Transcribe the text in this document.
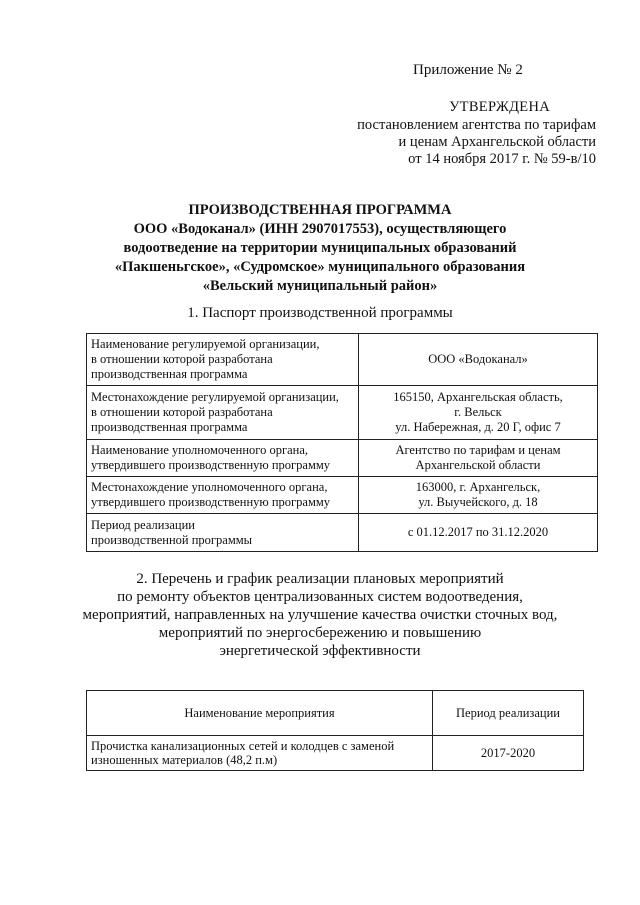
Приложение № 2
УТВЕРЖДЕНА
постановлением агентства по тарифам
и ценам Архангельской области
от 14 ноября 2017 г. № 59-в/10
ПРОИЗВОДСТВЕННАЯ ПРОГРАММА
ООО «Водоканал» (ИНН 2907017553), осуществляющего
водоотведение на территории муниципальных образований
«Пакшеньгское», «Судромское» муниципального образования
«Вельский муниципальный район»
1. Паспорт производственной программы
Наименование регулируемой организации,
в отношении которой разработана
производственная программа	ООО «Водоканал»

Местонахождение регулируемой организации,
в отношении которой разработана
производственная программа	165150, Архангельская область,
г. Вельск
ул. Набережная, д. 20 Г, офис 7

Наименование уполномоченного органа,
утвердившего производственную программу	Агентство по тарифам и ценам
Архангельской области

Местонахождение уполномоченного органа,
утвердившего производственную программу	163000, г. Архангельск,
ул. Выучейского, д. 18

Период реализации
производственной программы	с 01.12.2017 по 31.12.2020
2. Перечень и график реализации плановых мероприятий
по ремонту объектов централизованных систем водоотведения,
мероприятий, направленных на улучшение качества очистки сточных вод,
мероприятий по энергосбережению и повышению
энергетической эффективности
Наименование мероприятия	Период реализации

Прочистка канализационных сетей и колодцев с заменой
изношенных материалов (48,2 п.м)	2017-2020
